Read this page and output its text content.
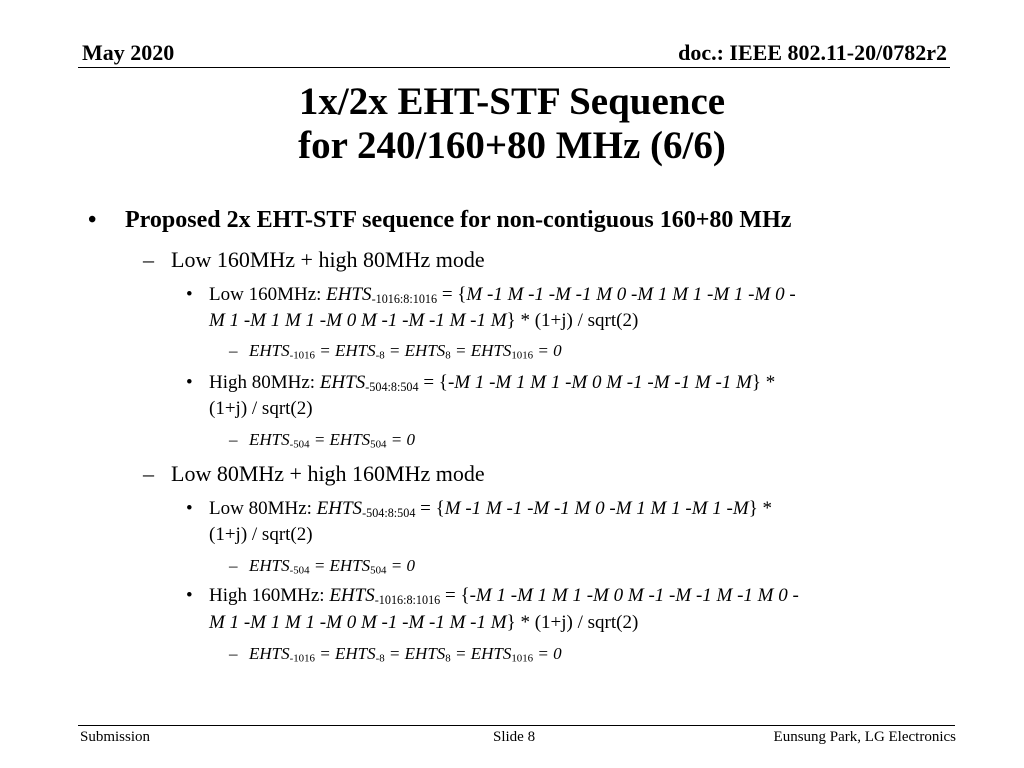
May 2020	doc.: IEEE 802.11-20/0782r2
1x/2x EHT-STF Sequence
for 240/160+80 MHz (6/6)
• Proposed 2x EHT-STF sequence for non-contiguous 160+80 MHz
– Low 160MHz + high 80MHz mode
• Low 160MHz: $EHTS_{-1016:8:1016} = \{M$ -1 M -1 -M -1 M 0 -M 1 M 1 -M 1 -M 0 -
M 1 -M 1 M 1 -M 0 M -1 -M -1 M -1 M} * (1+j) / sqrt(2)
– $EHTS_{-1016}$ = $EHTS_{-8}$ = $EHTS_8$ = $EHTS_{1016} = 0$
• High 80MHz: $EHTS_{-504:8:504} = \{-M$ 1 -M 1 M 1 -M 0 M -1 -M -1 M -1 M} *
(1+j) / sqrt(2)
– $EHTS_{-504}$ = $EHTS_{504} = 0$
– Low 80MHz + high 160MHz mode
• Low 80MHz: $EHTS_{-504:8:504} = \{M$ -1 M -1 -M -1 M 0 -M 1 M 1 -M 1 -M} *
(1+j) / sqrt(2)
– $EHTS_{-504}$ = $EHTS_{504} = 0$
• High 160MHz: $EHTS_{-1016:8:1016} = \{-M$ 1 -M 1 M 1 -M 0 M -1 -M -1 M -1 M 0 -
M 1 -M 1 M 1 -M 0 M -1 -M -1 M -1 M} * (1+j) / sqrt(2)
– $EHTS_{-1016}$ = $EHTS_{-8}$ = $EHTS_8$ = $EHTS_{1016} = 0$
Submission	Slide 8	Eunsung Park, LG Electronics
